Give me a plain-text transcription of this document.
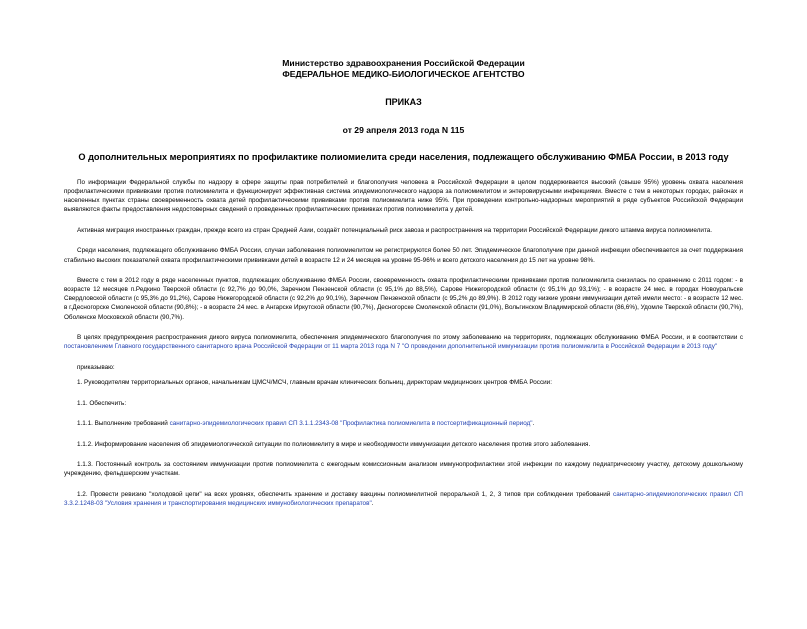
Министерство здравоохранения Российской Федерации
ФЕДЕРАЛЬНОЕ МЕДИКО-БИОЛОГИЧЕСКОЕ АГЕНТСТВО
ПРИКАЗ
от 29 апреля 2013 года N 115
О дополнительных мероприятиях по профилактике полиомиелита среди населения, подлежащего обслуживанию ФМБА России, в 2013 году

По информации Федеральной службы по надзору в сфере защиты прав потребителей и благополучия человека в Российской Федерации в целом поддерживается высокий (свыше 95%) уровень охвата населения профилактическими прививками против полиомиелита и функционирует эффективная система эпидемиологического надзора за полиомиелитом и энтеровирусными инфекциями. Вместе с тем в некоторых городах, районах и населенных пунктах страны своевременность охвата детей профилактическими прививками против полиомиелита ниже 95%. При проведении контрольно-надзорных мероприятий в ряде субъектов Российской Федерации выявляются факты предоставления недостоверных сведений о проведенных профилактических прививках против полиомиелита у детей.

Активная миграция иностранных граждан, прежде всего из стран Средней Азии, создаёт потенциальный риск завоза и распространения на территории Российской Федерации дикого штамма вируса полиомиелита.

Среди населения, подлежащего обслуживанию ФМБА России, случаи заболевания полиомиелитом не регистрируются более 50 лет. Эпидемическое благополучие при данной инфекции обеспечивается за счет поддержания стабильно высоких показателей охвата профилактическими прививками детей в возрасте 12 и 24 месяцев на уровне 95-96% и всего детского населения до 15 лет на уровне 98%.

Вместе с тем в 2012 году в ряде населенных пунктов, подлежащих обслуживанию ФМБА России, своевременность охвата профилактическими прививками против полиомиелита снизилась по сравнению с 2011 годом: - в возрасте 12 месяцев п.Редкино Тверской области (с 92,7% до 90,0%, Заречном Пензенской области (с 95,1% до 88,5%), Сарове Нижегородской области (с 95,1% до 93,1%); - в возрасте 24 мес. в городах Новоуральске Свердловской области (с 95,3% до 91,2%), Сарове Нижегородской области (с 92,2% до 90,1%), Заречном Пензенской области (с 95,2% до 89,9%). В 2012 году низкие уровни иммунизации детей имели место: - в возрасте 12 мес. в г.Десногорске Смоленской области (90,8%); - в возрасте 24 мес. в Ангарске Иркутской области (90,7%), Десногорске Смоленской области (91,0%), Вольгинском Владимирской области (86,6%), Удомле Тверской области (90,7%), Оболенске Московской области (90,7%).

В целях предупреждения распространения дикого вируса полиомиелита, обеспечения эпидемического благополучия по этому заболеванию на территориях, подлежащих обслуживанию ФМБА России, и в соответствии с постановлением Главного государственного санитарного врача Российской Федерации от 11 марта 2013 года N 7 "О проведении дополнительной иммунизации против полиомиелита в Российской Федерации в 2013 году"

приказываю:

1. Руководителям территориальных органов, начальникам ЦМСЧ/МСЧ, главным врачам клинических больниц, директорам медицинских центров ФМБА России:

1.1. Обеспечить:

1.1.1. Выполнение требований санитарно-эпидемиологических правил СП 3.1.1.2343-08 "Профилактика полиомиелита в постсертификационный период".

1.1.2. Информирование населения об эпидемиологической ситуации по полиомиелиту в мире и необходимости иммунизации детского населения против этого заболевания.

1.1.3. Постоянный контроль за состоянием иммунизации против полиомиелита с ежегодным комиссионным анализом иммунопрофилактики этой инфекции по каждому педиатрическому участку, детскому дошкольному учреждению, фельдшерским участкам.

1.2. Провести ревизию "холодовой цепи" на всех уровнях, обеспечить хранение и доставку вакцины полиомиелитной пероральной 1, 2, 3 типов при соблюдении требований санитарно-эпидемиологических правил СП 3.3.2.1248-03 "Условия хранения и транспортирования медицинских иммунобиологических препаратов".
